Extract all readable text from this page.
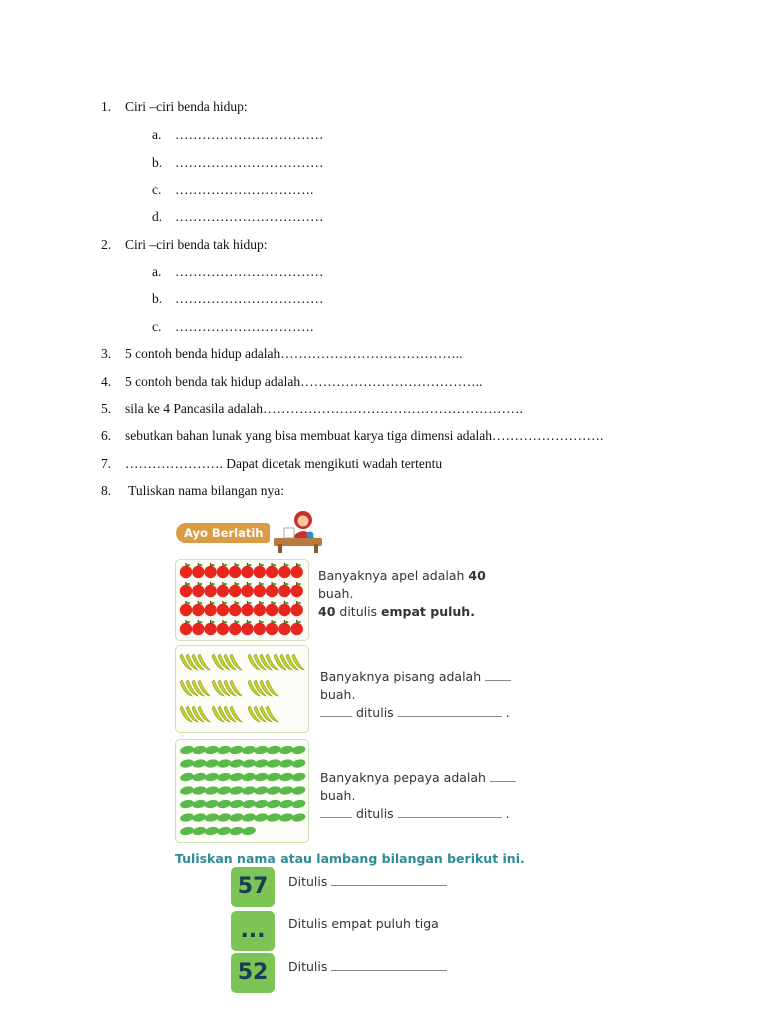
1. Ciri –ciri benda hidup:
a. ……………………………
b. ……………………………
c. ………………………….
d. ……………………………
2. Ciri –ciri benda tak hidup:
a. ……………………………
b. ……………………………
c. ………………………….
3. 5 contoh benda hidup adalah…………………………………..
4. 5 contoh benda tak hidup adalah…………………………………..
5. sila ke 4 Pancasila adalah………………………………………………….
6. sebutkan bahan lunak yang bisa membuat karya tiga dimensi adalah…………………….
7. …………………. Dapat dicetak mengikuti wadah tertentu
8. Tuliskan nama bilangan nya:
Ayo Berlatih
Banyaknya apel adalah 40
buah.
40 ditulis empat puluh.
Banyaknya pisang adalah
buah.
ditulis	.
Banyaknya pepaya adalah
buah.
ditulis	.
Tuliskan nama atau lambang bilangan berikut ini.
57	Ditulis
...	Ditulis empat puluh tiga
52	Ditulis
